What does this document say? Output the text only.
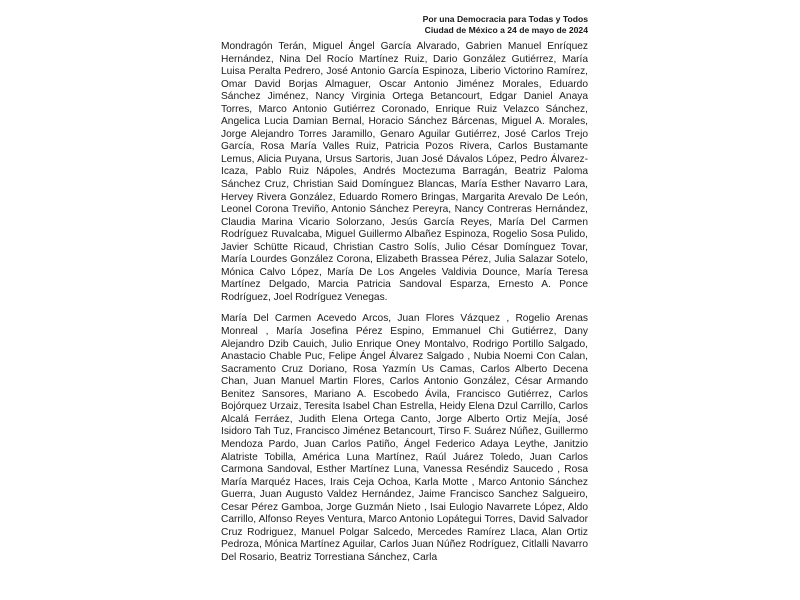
Por una Democracia para Todas y Todos
Ciudad de México a 24 de mayo de 2024

Mondragón Terán, Miguel Ángel García Alvarado, Gabrien Manuel Enríquez Hernández, Nina Del Rocío Martínez Ruiz, Dario González Gutiérrez, María Luisa Peralta Pedrero, José Antonio García Espinoza, Liberio Victorino Ramírez, Omar David Borjas Almaguer, Oscar Antonio Jiménez Morales, Eduardo Sánchez Jiménez, Nancy Virginia Ortega Betancourt, Edgar Daniel Anaya Torres, Marco Antonio Gutiérrez Coronado, Enrique Ruiz Velazco Sánchez, Angelica Lucia Damian Bernal, Horacio Sánchez Bárcenas, Miguel A. Morales, Jorge Alejandro Torres Jaramillo, Genaro Aguilar Gutiérrez, José Carlos Trejo García, Rosa María Valles Ruiz, Patricia Pozos Rivera, Carlos Bustamante Lemus, Alicia Puyana, Ursus Sartoris, Juan José Dávalos López, Pedro Álvarez-Icaza, Pablo Ruiz Nápoles, Andrés Moctezuma Barragán, Beatriz Paloma Sánchez Cruz, Christian Said Domínguez Blancas, María Esther Navarro Lara, Hervey Rivera González, Eduardo Romero Bringas, Margarita Arevalo De León, Leonel Corona Treviño, Antonio Sánchez Pereyra, Nancy Contreras Hernández, Claudia Marina Vicario Solorzano, Jesús García Reyes, María Del Carmen Rodríguez Ruvalcaba, Miguel Guillermo Albañez Espinoza, Rogelio Sosa Pulido, Javier Schütte Ricaud, Christian Castro Solís, Julio César Domínguez Tovar, María Lourdes González Corona, Elizabeth Brassea Pérez, Julia Salazar Sotelo, Mónica Calvo López, María De Los Angeles Valdivia Dounce, María Teresa Martínez Delgado, Marcia Patricia Sandoval Esparza, Ernesto A. Ponce Rodríguez, Joel Rodríguez Venegas.

María Del Carmen Acevedo Arcos, Juan Flores Vázquez , Rogelio Arenas Monreal , María Josefina Pérez Espino, Emmanuel Chi Gutiérrez, Dany Alejandro Dzib Cauich, Julio Enrique Oney Montalvo, Rodrigo Portillo Salgado, Anastacio Chable Puc, Felipe Ángel Álvarez Salgado , Nubia Noemi Con Calan, Sacramento Cruz Doriano, Rosa Yazmín Us Camas, Carlos Alberto Decena Chan, Juan Manuel Martin Flores, Carlos Antonio González, César Armando Benitez Sansores, Mariano A. Escobedo Ávila, Francisco Gutiérrez, Carlos Bojórquez Urzaiz, Teresita Isabel Chan Estrella, Heidy Elena Dzul Carrillo, Carlos Alcalá Ferráez, Judith Elena Ortega Canto, Jorge Alberto Ortiz Mejía, José Isidoro Tah Tuz, Francisco Jiménez Betancourt, Tirso F. Suárez Núñez, Guillermo Mendoza Pardo, Juan Carlos Patiño, Ángel Federico Adaya Leythe, Janitzio Alatriste Tobilla, América Luna Martínez, Raúl Juárez Toledo, Juan Carlos Carmona Sandoval, Esther Martínez Luna, Vanessa Reséndiz Saucedo , Rosa María Marquéz Haces, Irais Ceja Ochoa, Karla Motte , Marco Antonio Sánchez Guerra, Juan Augusto Valdez Hernández, Jaime Francisco Sanchez Salgueiro, Cesar Pérez Gamboa, Jorge Guzmán Nieto , Isai Eulogio Navarrete López, Aldo Carrillo, Alfonso Reyes Ventura, Marco Antonio Lopátegui Torres, David Salvador Cruz Rodriguez, Manuel Polgar Salcedo, Mercedes Ramírez Llaca, Alan Ortiz Pedroza, Mónica Martínez Aguilar, Carlos Juan Núñez Rodríguez, Citlalli Navarro Del Rosario, Beatriz Torrestiana Sánchez, Carla
